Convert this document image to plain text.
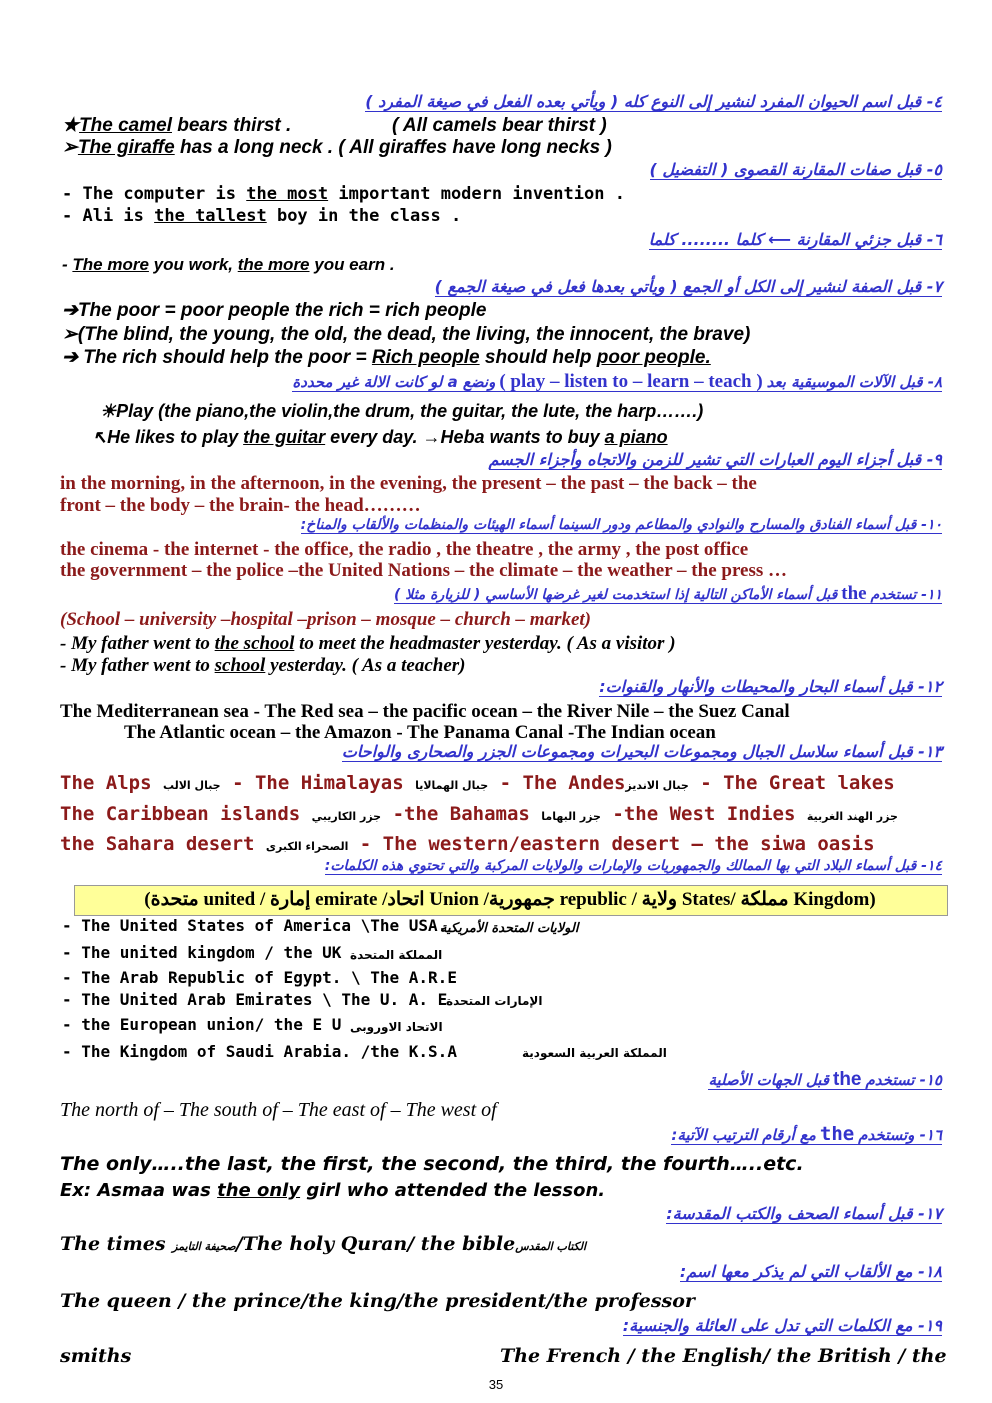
٤- قبل اسم الحيوان المفرد لنشير إلى النوع كله ( ويأتي بعده الفعل في صيغة المفرد )
★The camel bears thirst .	( All camels bear thirst )
➢The giraffe has a long neck . ( All giraffes have long necks )
٥- قبل صفات المقارنة القصوى ( التفضيل )
- The computer is the most important modern invention .
- Ali is the tallest boy in the class .
٦- قبل جزئي المقارنة ⟵ كلما ........ كلما
- The more you work, the more you earn .
٧- قبل الصفة لنشير إلى الكل أو الجمع ( ويأتي بعدها فعل في صيغة الجمع )
➔The poor = poor people the rich = rich people
➢(The blind, the young, the old, the dead, the living, the innocent, the brave)
➔ The rich should help the poor = Rich people should help poor people.
٨- قبل الآلات الموسيقية بعد ( play – listen to – learn – teach ) ونضع a لو كانت الالة غير محددة
☀Play (the piano,the violin,the drum, the guitar, the lute, the harp…….)
↖He likes to play the guitar every day. →Heba wants to buy a piano
٩- قبل أجزاء اليوم العبارات التي تشير للزمن والاتجاه وأجزاء الجسم
in the morning, in the afternoon, in the evening, the present – the past – the back – the
front – the body – the brain- the head………
١٠- قبل أسماء الفنادق والمسارح والنوادي والمطاعم ودور السينما أسماء الهيئات والمنظمات والألقاب والمناخ:
the cinema - the internet - the office, the radio , the theatre , the army , the post office
the government – the police –the United Nations – the climate – the weather – the press …
١١- تستخدم the قبل أسماء الأماكن التالية إذا استخدمت لغير غرضها الأساسي ( للزيارة مثلا )
(School – university –hospital –prison – mosque – church – market)
- My father went to the school to meet the headmaster yesterday. ( As a visitor )
- My father went to school yesterday. ( As a teacher)
١٢- قبل أسماء البحار والمحيطات والأنهار والقنوات:
The Mediterranean sea - The Red sea – the pacific ocean – the River Nile – the Suez Canal
The Atlantic ocean – the Amazon - The Panama Canal -The Indian ocean
١٣- قبل أسماء سلاسل الجبال ومجموعات البحيرات ومجموعات الجزر والصحارى والواحات
The Alps جبال الالب - The Himalayas جبال الهمالايا - The Andesجبال الانديز - The Great lakes
The Caribbean islands جزر الكاريبي -the Bahamas جزر البهاما -the West Indies جزر الهند الغربية
the Sahara desert الصحراء الكبرى - The western/eastern desert – the siwa oasis
١٤- قبل أسماء البلاد التي بها الممالك والجمهوريات والإمارات والولايات المركبة والتي تحتوي هذه الكلمات:
(Kingdom مملكة /States ولاية / republic جمهورية/ Union اتحاد/ emirate إمارة / united متحدة)
- The United States of America \The USA.
الولايات المتحدة الأمريكية
- The united kingdom / the UK المملكة المتحدة
- The Arab Republic of Egypt. \ The A.R.E
- The United Arab Emirates \ The U. A. E
الإمارات المتحدة
- the European union/ the E U الاتحاد الاوروبى
- The Kingdom of Saudi Arabia. /the K.S.A	المملكة العربية السعودية
١٥- تستخدم the قبل الجهات الأصلية
The north of – The south of – The east of – The west of
١٦- وتستخدم the مع أرقام الترتيب الآتية:
The only…..the last, the first, the second, the third, the fourth…..etc.
Ex: Asmaa was the only girl who attended the lesson.
١٧- قبل أسماء الصحف والكتب المقدسة:
The times صحيفة التايمز/The holy Quran/ the bibleالكتاب المقدس
١٨- مع الألقاب التي لم يذكر معها اسم:
The queen / the prince/the king/the president/the professor
١٩- مع الكلمات التي تدل على العائلة والجنسية:
smiths	The French / the English/ the British / the
35
